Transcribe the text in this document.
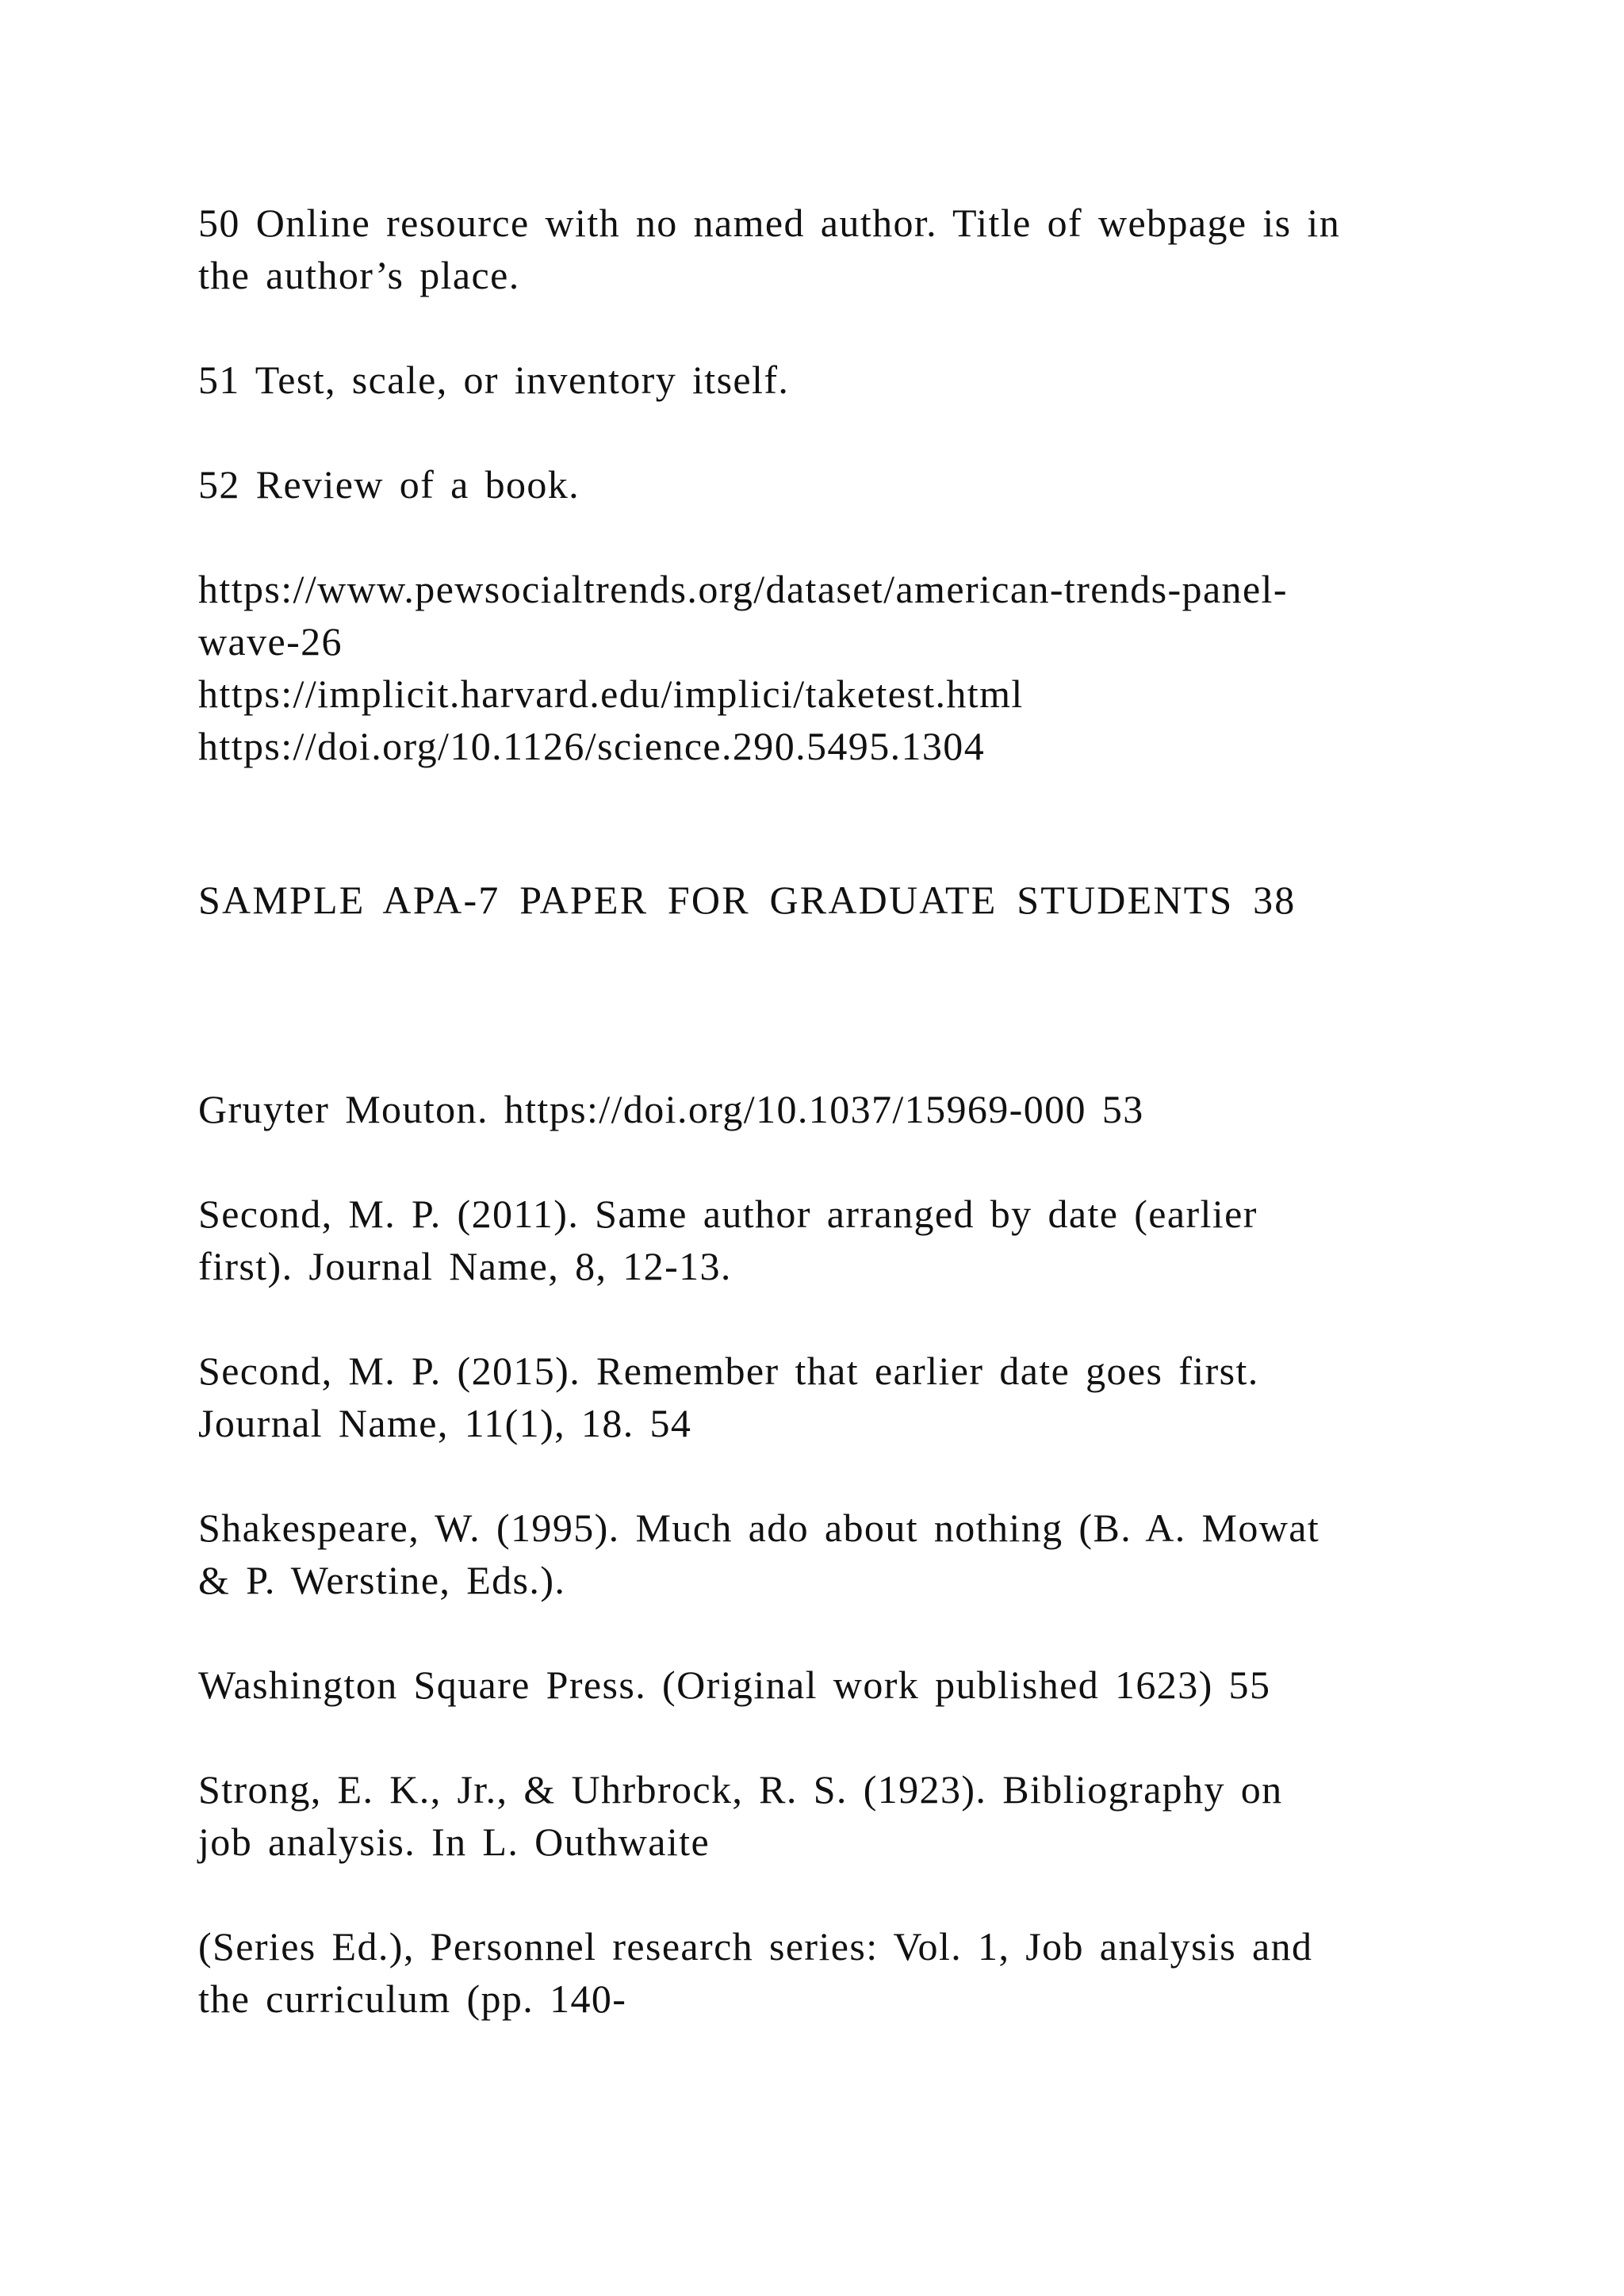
50 Online resource with no named author. Title of webpage is in
the author’s place.
51 Test, scale, or inventory itself.
52 Review of a book.
https://www.pewsocialtrends.org/dataset/american-trends-panel-
wave-26
https://implicit.harvard.edu/implici/taketest.html
https://doi.org/10.1126/science.290.5495.1304
SAMPLE APA-7 PAPER FOR GRADUATE STUDENTS 38
Gruyter Mouton. https://doi.org/10.1037/15969-000 53
Second, M. P. (2011). Same author arranged by date (earlier
first). Journal Name, 8, 12-13.
Second, M. P. (2015). Remember that earlier date goes first.
Journal Name, 11(1), 18. 54
Shakespeare, W. (1995). Much ado about nothing (B. A. Mowat
& P. Werstine, Eds.).
Washington Square Press. (Original work published 1623) 55
Strong, E. K., Jr., & Uhrbrock, R. S. (1923). Bibliography on
job analysis. In L. Outhwaite
(Series Ed.), Personnel research series: Vol. 1, Job analysis and
the curriculum (pp. 140-
